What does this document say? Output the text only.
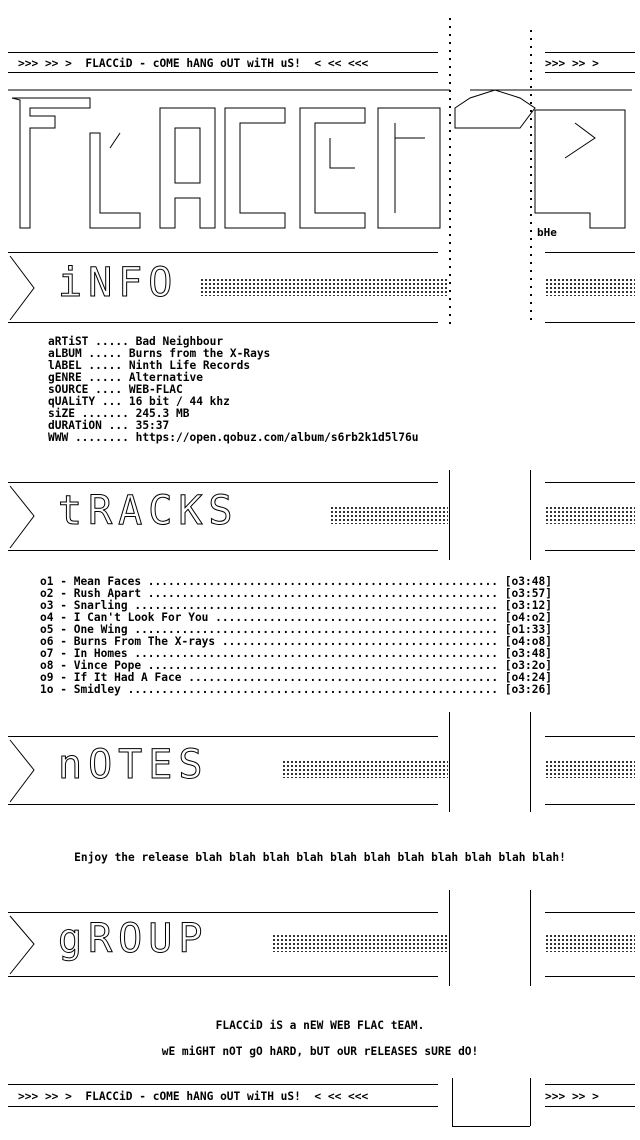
>>> >> >  FLACCiD - cOME hANG oUT wiTH uS!  < << <<<	>>> >> >
bHe
iNFO
aRTiST ..... Bad Neighbour
aLBUM ..... Burns from the X-Rays
lABEL ..... Ninth Life Records
gENRE ..... Alternative
sOURCE .... WEB-FLAC
qUALiTY ... 16 bit / 44 khz
siZE ....... 245.3 MB
dURATiON ... 35:37
WWW ........ https://open.qobuz.com/album/s6rb2k1d5l76u
tRACKS
o1 - Mean Faces .................................................... [o3:48]
o2 - Rush Apart .................................................... [o3:57]
o3 - Snarling ...................................................... [o3:12]
o4 - I Can't Look For You .......................................... [o4:o2]
o5 - One Wing ...................................................... [o1:33]
o6 - Burns From The X-rays ......................................... [o4:o8]
o7 - In Homes ...................................................... [o3:48]
o8 - Vince Pope .................................................... [o3:2o]
o9 - If It Had A Face .............................................. [o4:24]
1o - Smidley ....................................................... [o3:26]
nOTES
Enjoy the release blah blah blah blah blah blah blah blah blah blah blah!
gROUP
FLACCiD iS a nEW WEB FLAC tEAM.
wE miGHT nOT gO hARD, bUT oUR rELEASES sURE dO!
>>> >> >  FLACCiD - cOME hANG oUT wiTH uS!  < << <<<	>>> >> >
